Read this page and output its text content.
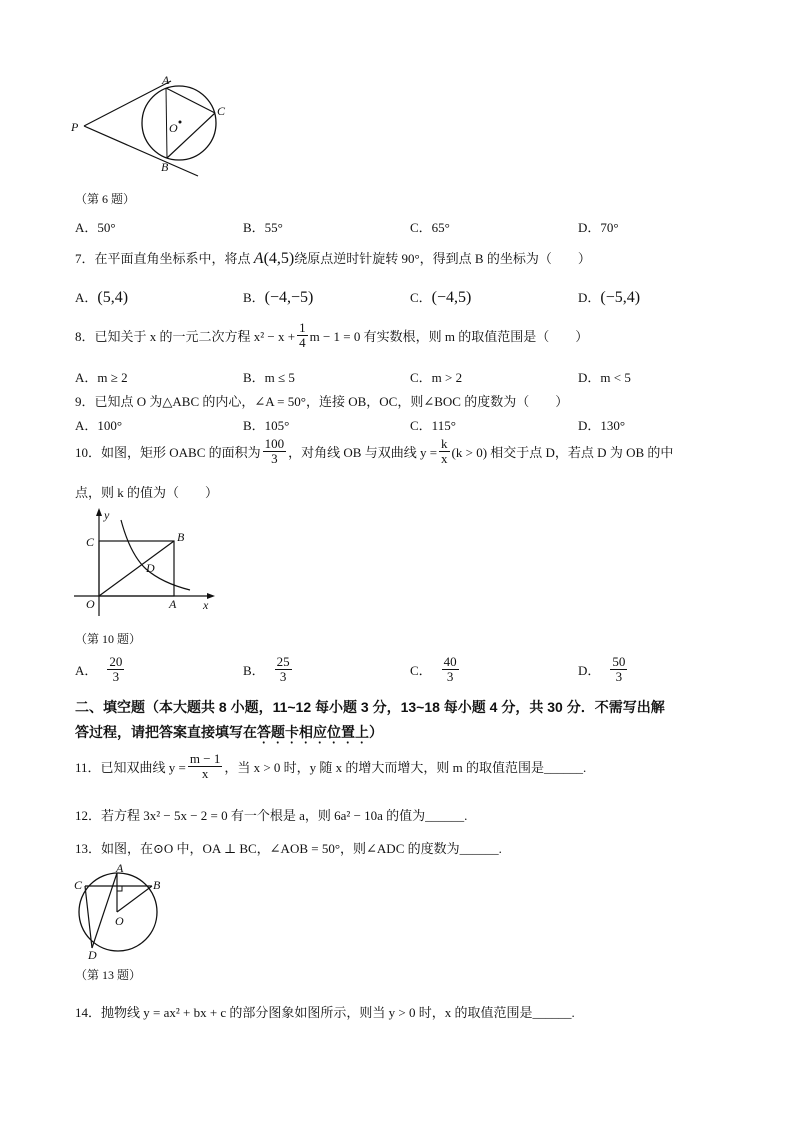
A
C
P	O
B
（第 6 题）
A．50°	B．55°	C．65°	D．70°
7．在平面直角坐标系中，将点 A(4,5)绕原点逆时针旋转 90°，得到点 B 的坐标为（　　）
A．(5,4)	B．(−4,−5)	C．(−4,5)	D．(−5,4)
8． 已知关于 x 的一元二次方程 $x^2 - x + \frac{1}{4}$ m − 1 = 0 有实数根，则 m 的取值范围是（　　）
A．m ≥ 2	B．m ≤ 5	C．m > 2	D．m < 5
9．已知点 O 为△ABC 的内心，∠A = 50°，连接 OB，OC，则∠BOC 的度数为（　　）
A．100°	B．105°	C．115°	D．130°
10． 如图，矩形 OABC 的面积为 $\frac{100}{3}$ ，对角线 OB 与双曲线 $y = \frac{k}{x} (k > 0)$ 相交于点 D，若点 D 为 OB 的中
点，则 k 的值为（　　）
y
C	B
D
O	A x
（第 10 题）
A． $\frac{20}{3}$	B． $\frac{25}{3}$	C． $\frac{40}{3}$	D． $\frac{50}{3}$
二、填空题（本大题共 8 小题，11~12 每小题 3 分，13~18 每小题 4 分，共 30 分．不需写出解
答过程，请把答案直接填写在答题卡相应位置上）
11． 已知双曲线 $y = \frac{m - 1}{x}$ ，当 x > 0 时，y 随 x 的增大而增大，则 m 的取值范围是______.
12．若方程 3x² − 5x − 2 = 0 有一个根是 a，则 6a² − 10a 的值为______.
13．如图，在⊙O 中，OA ⊥ BC，∠AOB = 50°，则∠ADC 的度数为______.
A
C	B
O
D
（第 13 题）
14．抛物线 y = ax² + bx + c 的部分图象如图所示，则当 y > 0 时，x 的取值范围是______.
